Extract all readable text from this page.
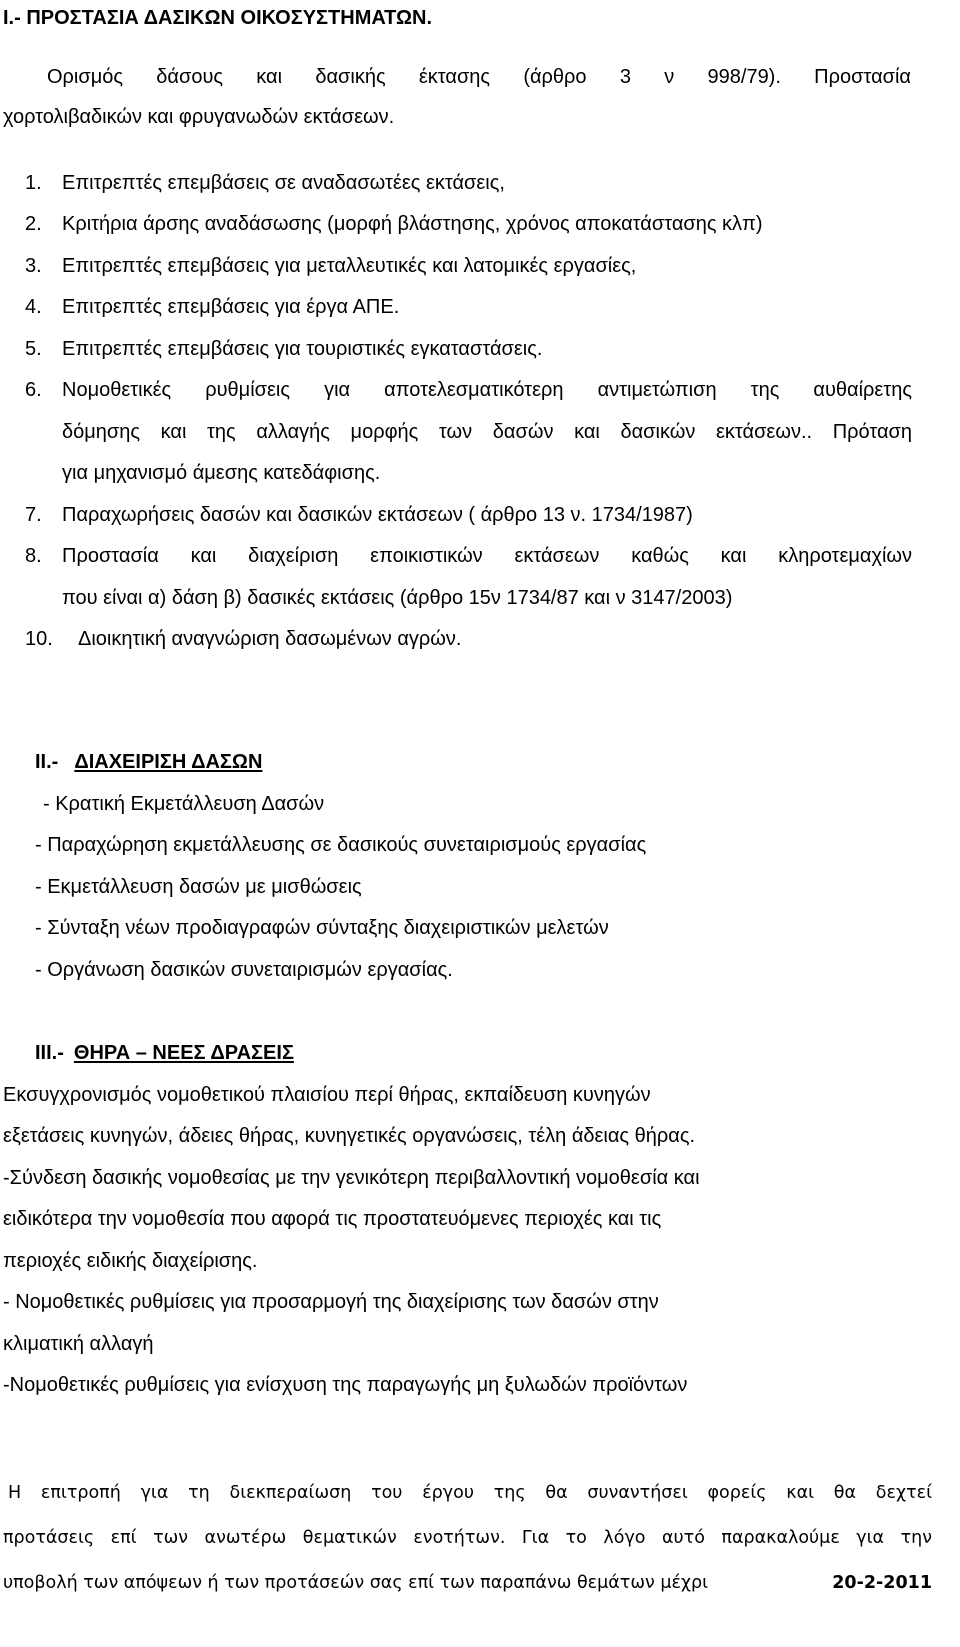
Ι.- ΠΡΟΣΤΑΣΙΑ ΔΑΣΙΚΩΝ ΟΙΚΟΣΥΣΤΗΜΑΤΩΝ.
Ορισμός δάσους και δασικής έκτασης (άρθρο 3 ν 998/79). Προστασία
χορτολιβαδικών και φρυγανωδών εκτάσεων.
1. Επιτρεπτές επεμβάσεις σε αναδασωτέες εκτάσεις,
2. Κριτήρια άρσης αναδάσωσης (μορφή βλάστησης, χρόνος αποκατάστασης κλπ)
3. Επιτρεπτές επεμβάσεις για μεταλλευτικές και λατομικές εργασίες,
4. Επιτρεπτές επεμβάσεις για έργα ΑΠΕ.
5. Επιτρεπτές επεμβάσεις για τουριστικές εγκαταστάσεις.
6. Νομοθετικές ρυθμίσεις για αποτελεσματικότερη αντιμετώπιση της αυθαίρετης
δόμησης και της αλλαγής μορφής των δασών και δασικών εκτάσεων.. Πρόταση
για μηχανισμό άμεσης κατεδάφισης.
7. Παραχωρήσεις δασών και δασικών εκτάσεων ( άρθρο 13 ν. 1734/1987)
8. Προστασία και διαχείριση εποικιστικών εκτάσεων καθώς και κληροτεμαχίων
που είναι α) δάση β) δασικές εκτάσεις (άρθρο 15ν 1734/87 και ν 3147/2003)
10. Διοικητική αναγνώριση δασωμένων αγρών.
ΙΙ.- ΔΙΑΧΕΙΡΙΣΗ ΔΑΣΩΝ
- Κρατική Εκμετάλλευση Δασών
- Παραχώρηση εκμετάλλευσης σε δασικούς συνεταιρισμούς εργασίας
- Εκμετάλλευση δασών με μισθώσεις
- Σύνταξη νέων προδιαγραφών σύνταξης διαχειριστικών μελετών
- Οργάνωση δασικών συνεταιρισμών εργασίας.
ΙΙΙ.- ΘΗΡΑ – ΝΕΕΣ ΔΡΑΣΕΙΣ
Εκσυγχρονισμός νομοθετικού πλαισίου περί θήρας, εκπαίδευση κυνηγών
εξετάσεις κυνηγών, άδειες θήρας, κυνηγετικές οργανώσεις, τέλη άδειας θήρας.
-Σύνδεση δασικής νομοθεσίας με την γενικότερη περιβαλλοντική νομοθεσία και
ειδικότερα την νομοθεσία που αφορά τις προστατευόμενες περιοχές και τις
περιοχές ειδικής διαχείρισης.
- Νομοθετικές ρυθμίσεις για προσαρμογή της διαχείρισης των δασών στην
κλιματική αλλαγή
-Νομοθετικές ρυθμίσεις για ενίσχυση της παραγωγής μη ξυλωδών προϊόντων
Η επιτροπή για τη διεκπεραίωση του έργου της θα συναντήσει φορείς και θα δεχτεί
προτάσεις επί των ανωτέρω θεματικών ενοτήτων. Για το λόγο αυτό παρακαλούμε για την
υποβολή των απόψεων ή των προτάσεών σας επί των παραπάνω θεμάτων μέχρι	20-2-2011
